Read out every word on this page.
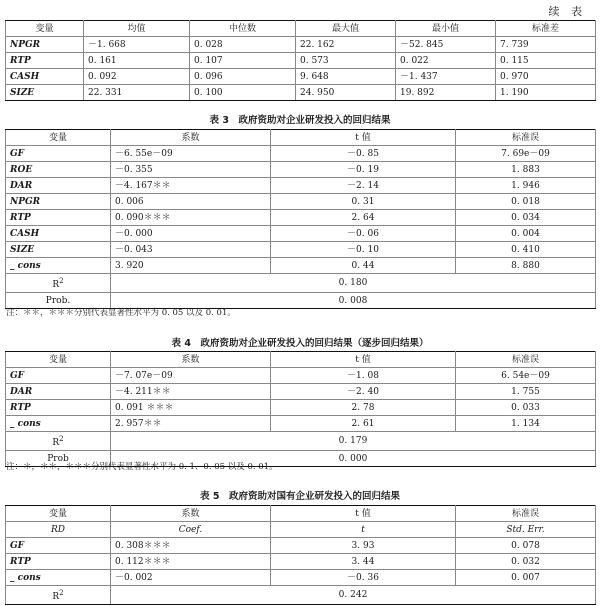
续 表
变量	均值	中位数	最大值	最小值	标准差
NPGR	－1. 668	0. 028	22. 162	－52. 845	7. 739
RTP	0. 161	0. 107	0. 573	0. 022	0. 115
CASH	0. 092	0. 096	9. 648	－1. 437	0. 970
SIZE	22. 331	0. 100	24. 950	19. 892	1. 190
表 3　政府资助对企业研发投入的回归结果
变量	系数	t 值	标准误
GF	－6. 55e－09	－0. 85	7. 69e－09
ROE	－0. 355	－0. 19	1. 883
DAR	－4. 167＊＊	－2. 14	1. 946
NPGR	0. 006	0. 31	0. 018
RTP	0. 090＊＊＊	2. 64	0. 034
CASH	－0. 000	－0. 06	0. 004
SIZE	－0. 043	－0. 10	0. 410
_ cons	3. 920	0. 44	8. 880
$R^2$	0. 180		
Prob.	0. 008		
注：＊＊，＊＊＊分别代表显著性水平为 0. 05 以及 0. 01。
表 4　政府资助对企业研发投入的回归结果（逐步回归结果）
变量	系数	t 值	标准误
GF	－7. 07e－09	－1. 08	6. 54e－09
DAR	－4. 211＊＊	－2. 40	1. 755
RTP	0. 091 ＊＊＊	2. 78	0. 033
_ cons	2. 957＊＊	2. 61	1. 134
$R^2$	0. 179		
Prob	0. 000		
注：＊，＊＊，＊＊＊分别代表显著性水平为 0. 1、0. 05 以及 0. 01。
表 5　政府资助对国有企业研发投入的回归结果
变量	系数	t 值	标准误
RD	Coef.	t	Std. Err.
GF	0. 308＊＊＊	3. 93	0. 078
RTP	0. 112＊＊＊	3. 44	0. 032
_ cons	－0. 002	－0. 36	0. 007
$R^2$	0. 242		
